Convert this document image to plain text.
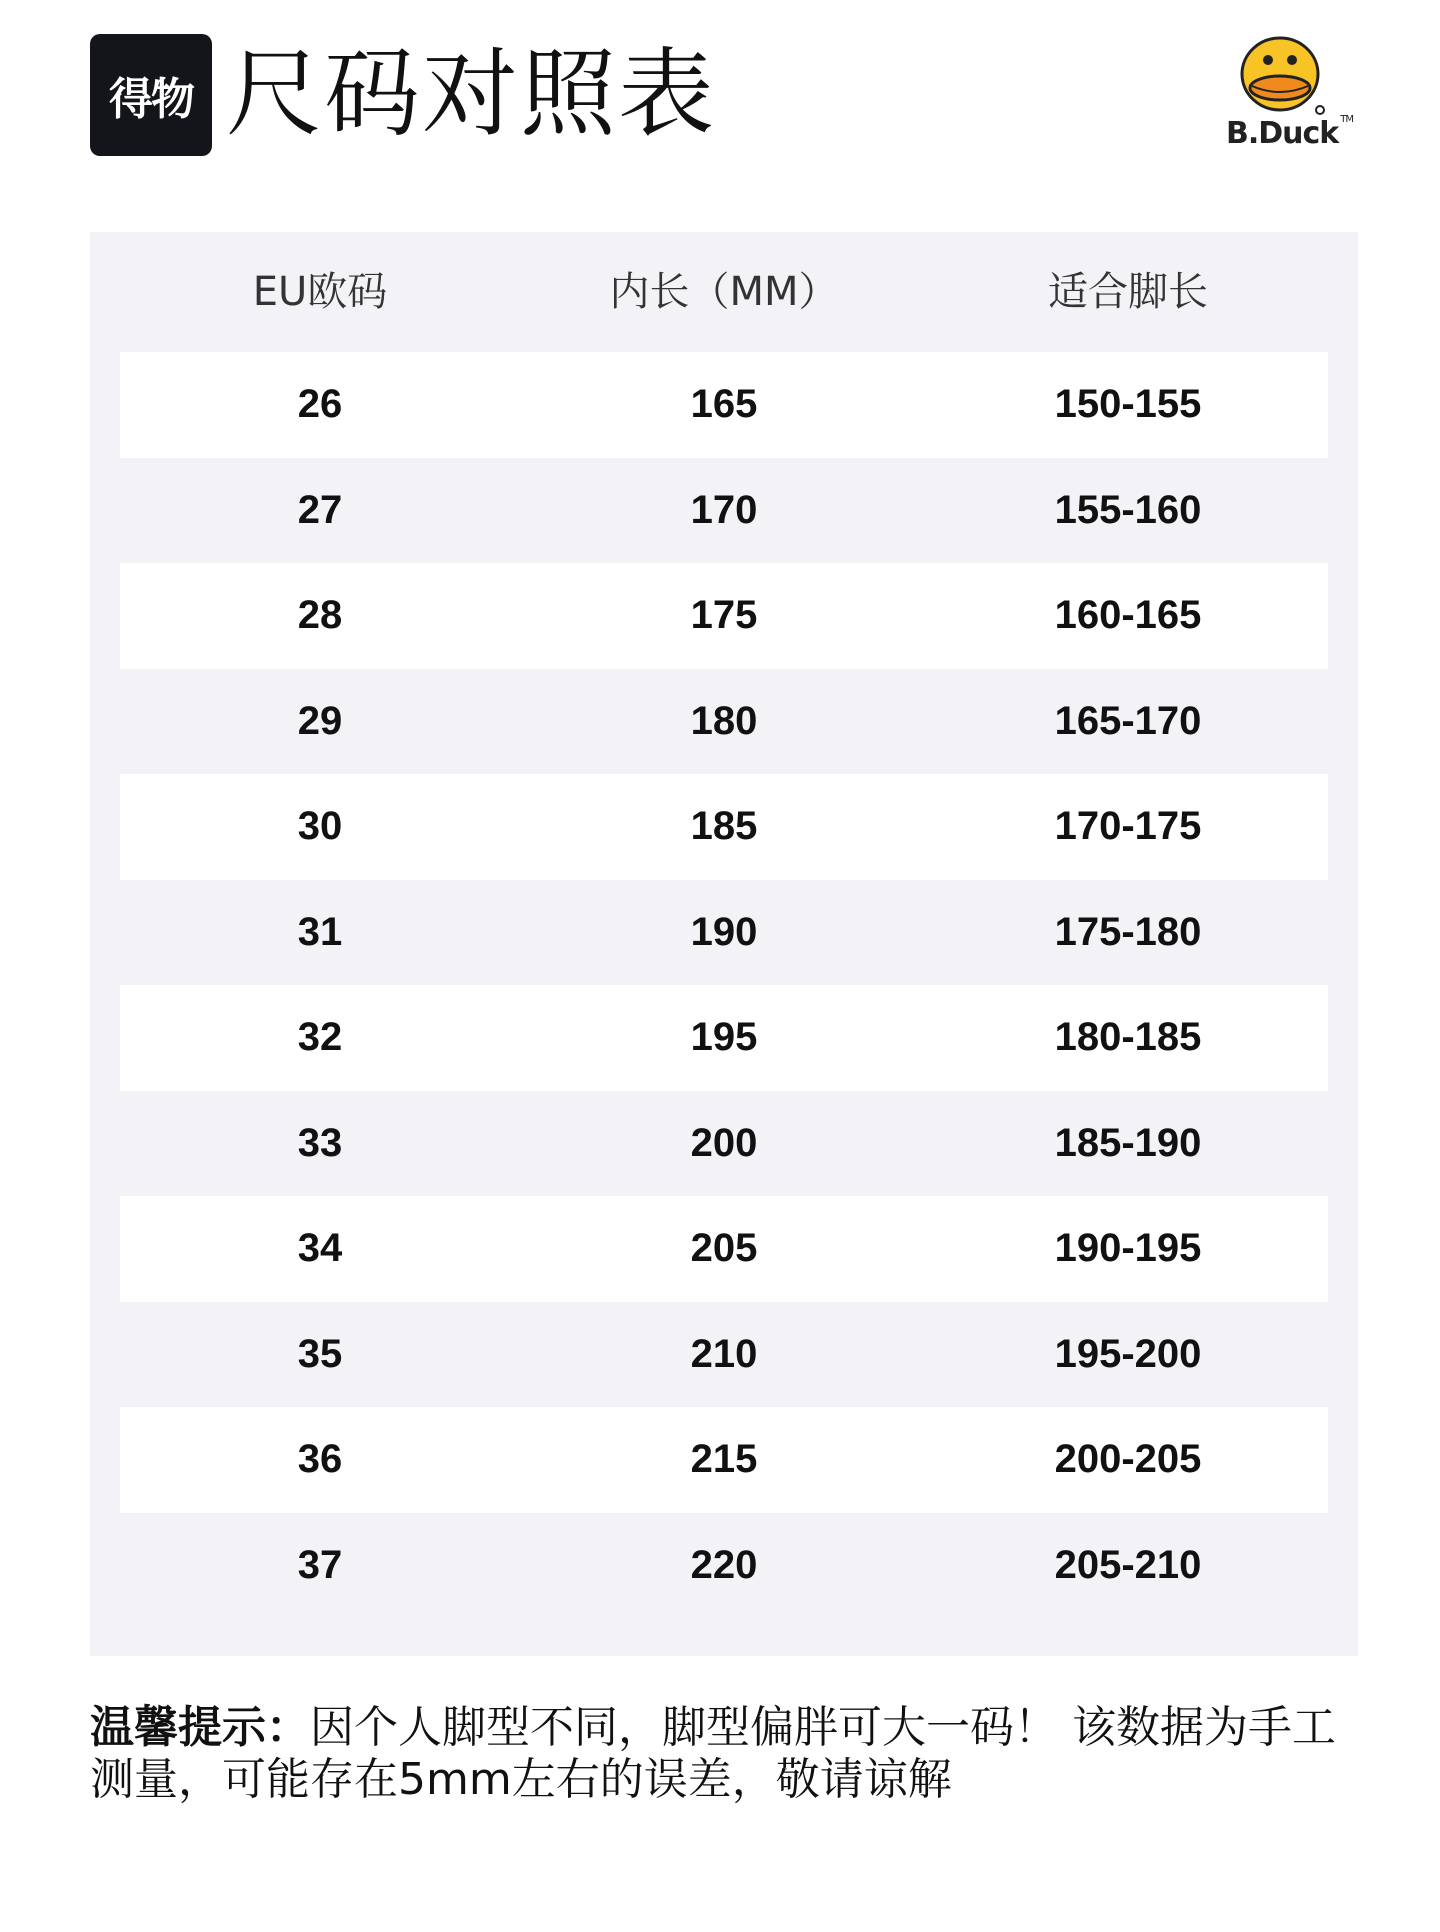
得物 尺码对照表	B.Duck ™
EU欧码	内长（MM）	适合脚长
26	165	150-155
27	170	155-160
28	175	160-165
29	180	165-170
30	185	170-175
31	190	175-180
32	195	180-185
33	200	185-190
34	205	190-195
35	210	195-200
36	215	200-205
37	220	205-210
温馨提示：因个人脚型不同，脚型偏胖可大一码！ 该数据为手工测量，可能存在5mm左右的误差，敬请谅解
